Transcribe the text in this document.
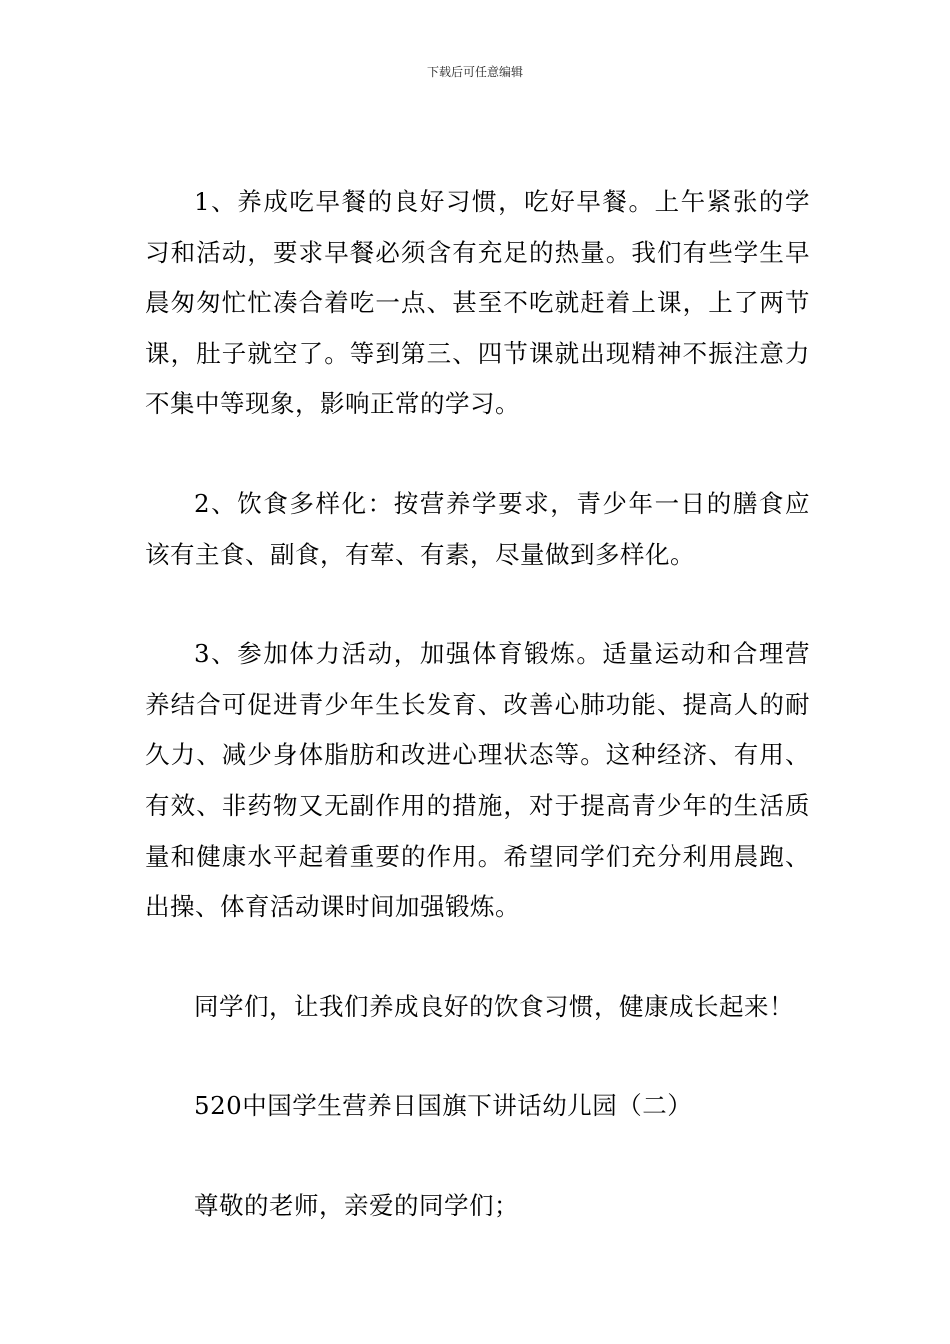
下载后可任意编辑

1、养成吃早餐的良好习惯，吃好早餐。上午紧张的学习和活动，要求早餐必须含有充足的热量。我们有些学生早晨匆匆忙忙凑合着吃一点、甚至不吃就赶着上课，上了两节课，肚子就空了。等到第三、四节课就出现精神不振注意力不集中等现象，影响正常的学习。

2、饮食多样化：按营养学要求，青少年一日的膳食应该有主食、副食，有荤、有素，尽量做到多样化。

3、参加体力活动，加强体育锻炼。适量运动和合理营养结合可促进青少年生长发育、改善心肺功能、提高人的耐久力、减少身体脂肪和改进心理状态等。这种经济、有用、有效、非药物又无副作用的措施，对于提高青少年的生活质量和健康水平起着重要的作用。希望同学们充分利用晨跑、出操、体育活动课时间加强锻炼。

同学们，让我们养成良好的饮食习惯，健康成长起来！

520中国学生营养日国旗下讲话幼儿园（二）

尊敬的老师，亲爱的同学们；
